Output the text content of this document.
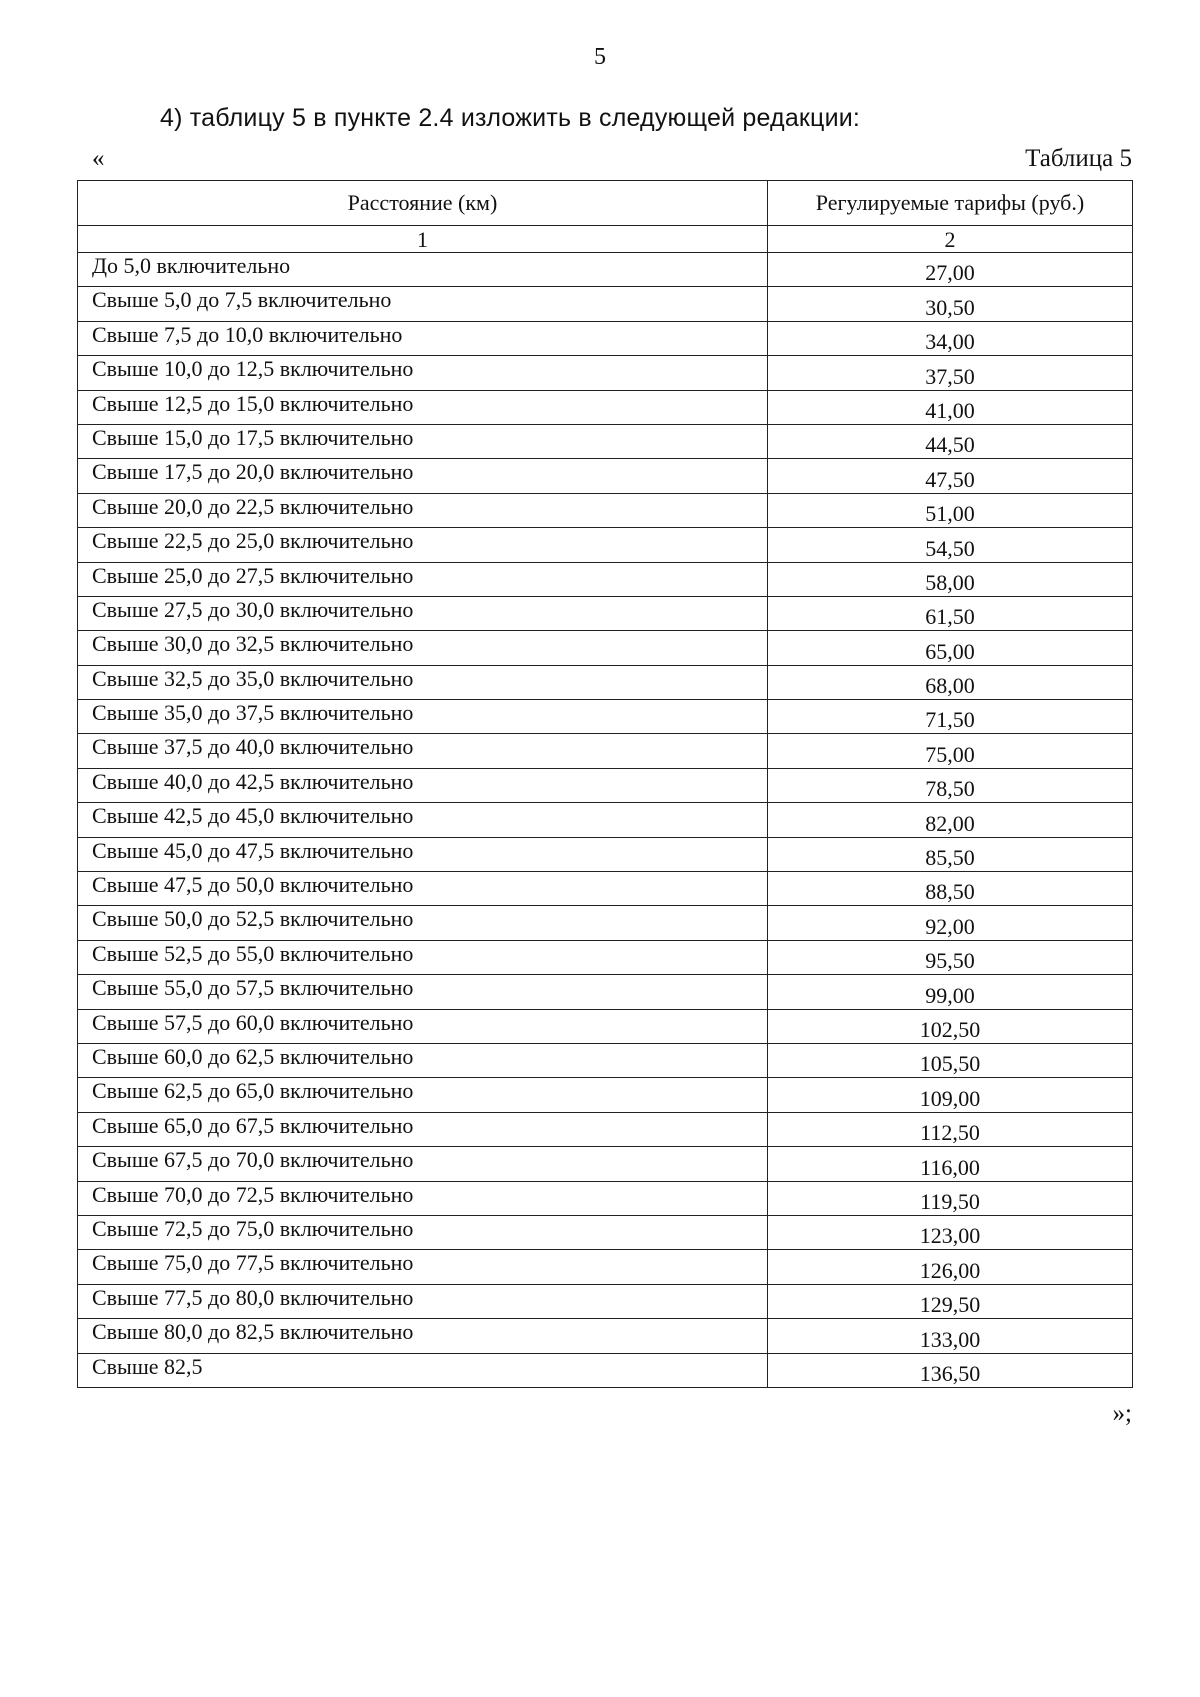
5
4) таблицу 5 в пункте 2.4 изложить в следующей редакции:
«	Таблица 5
Расстояние (км)	Регулируемые тарифы (руб.)
1	2
До 5,0 включительно	27,00
Свыше 5,0 до 7,5 включительно	30,50
Свыше 7,5 до 10,0 включительно	34,00
Свыше 10,0 до 12,5 включительно	37,50
Свыше 12,5 до 15,0 включительно	41,00
Свыше 15,0 до 17,5 включительно	44,50
Свыше 17,5 до 20,0 включительно	47,50
Свыше 20,0 до 22,5 включительно	51,00
Свыше 22,5 до 25,0 включительно	54,50
Свыше 25,0 до 27,5 включительно	58,00
Свыше 27,5 до 30,0 включительно	61,50
Свыше 30,0 до 32,5 включительно	65,00
Свыше 32,5 до 35,0 включительно	68,00
Свыше 35,0 до 37,5 включительно	71,50
Свыше 37,5 до 40,0 включительно	75,00
Свыше 40,0 до 42,5 включительно	78,50
Свыше 42,5 до 45,0 включительно	82,00
Свыше 45,0 до 47,5 включительно	85,50
Свыше 47,5 до 50,0 включительно	88,50
Свыше 50,0 до 52,5 включительно	92,00
Свыше 52,5 до 55,0 включительно	95,50
Свыше 55,0 до 57,5 включительно	99,00
Свыше 57,5 до 60,0 включительно	102,50
Свыше 60,0 до 62,5 включительно	105,50
Свыше 62,5 до 65,0 включительно	109,00
Свыше 65,0 до 67,5 включительно	112,50
Свыше 67,5 до 70,0 включительно	116,00
Свыше 70,0 до 72,5 включительно	119,50
Свыше 72,5 до 75,0 включительно	123,00
Свыше 75,0 до 77,5 включительно	126,00
Свыше 77,5 до 80,0 включительно	129,50
Свыше 80,0 до 82,5 включительно	133,00
Свыше 82,5	136,50
»;
